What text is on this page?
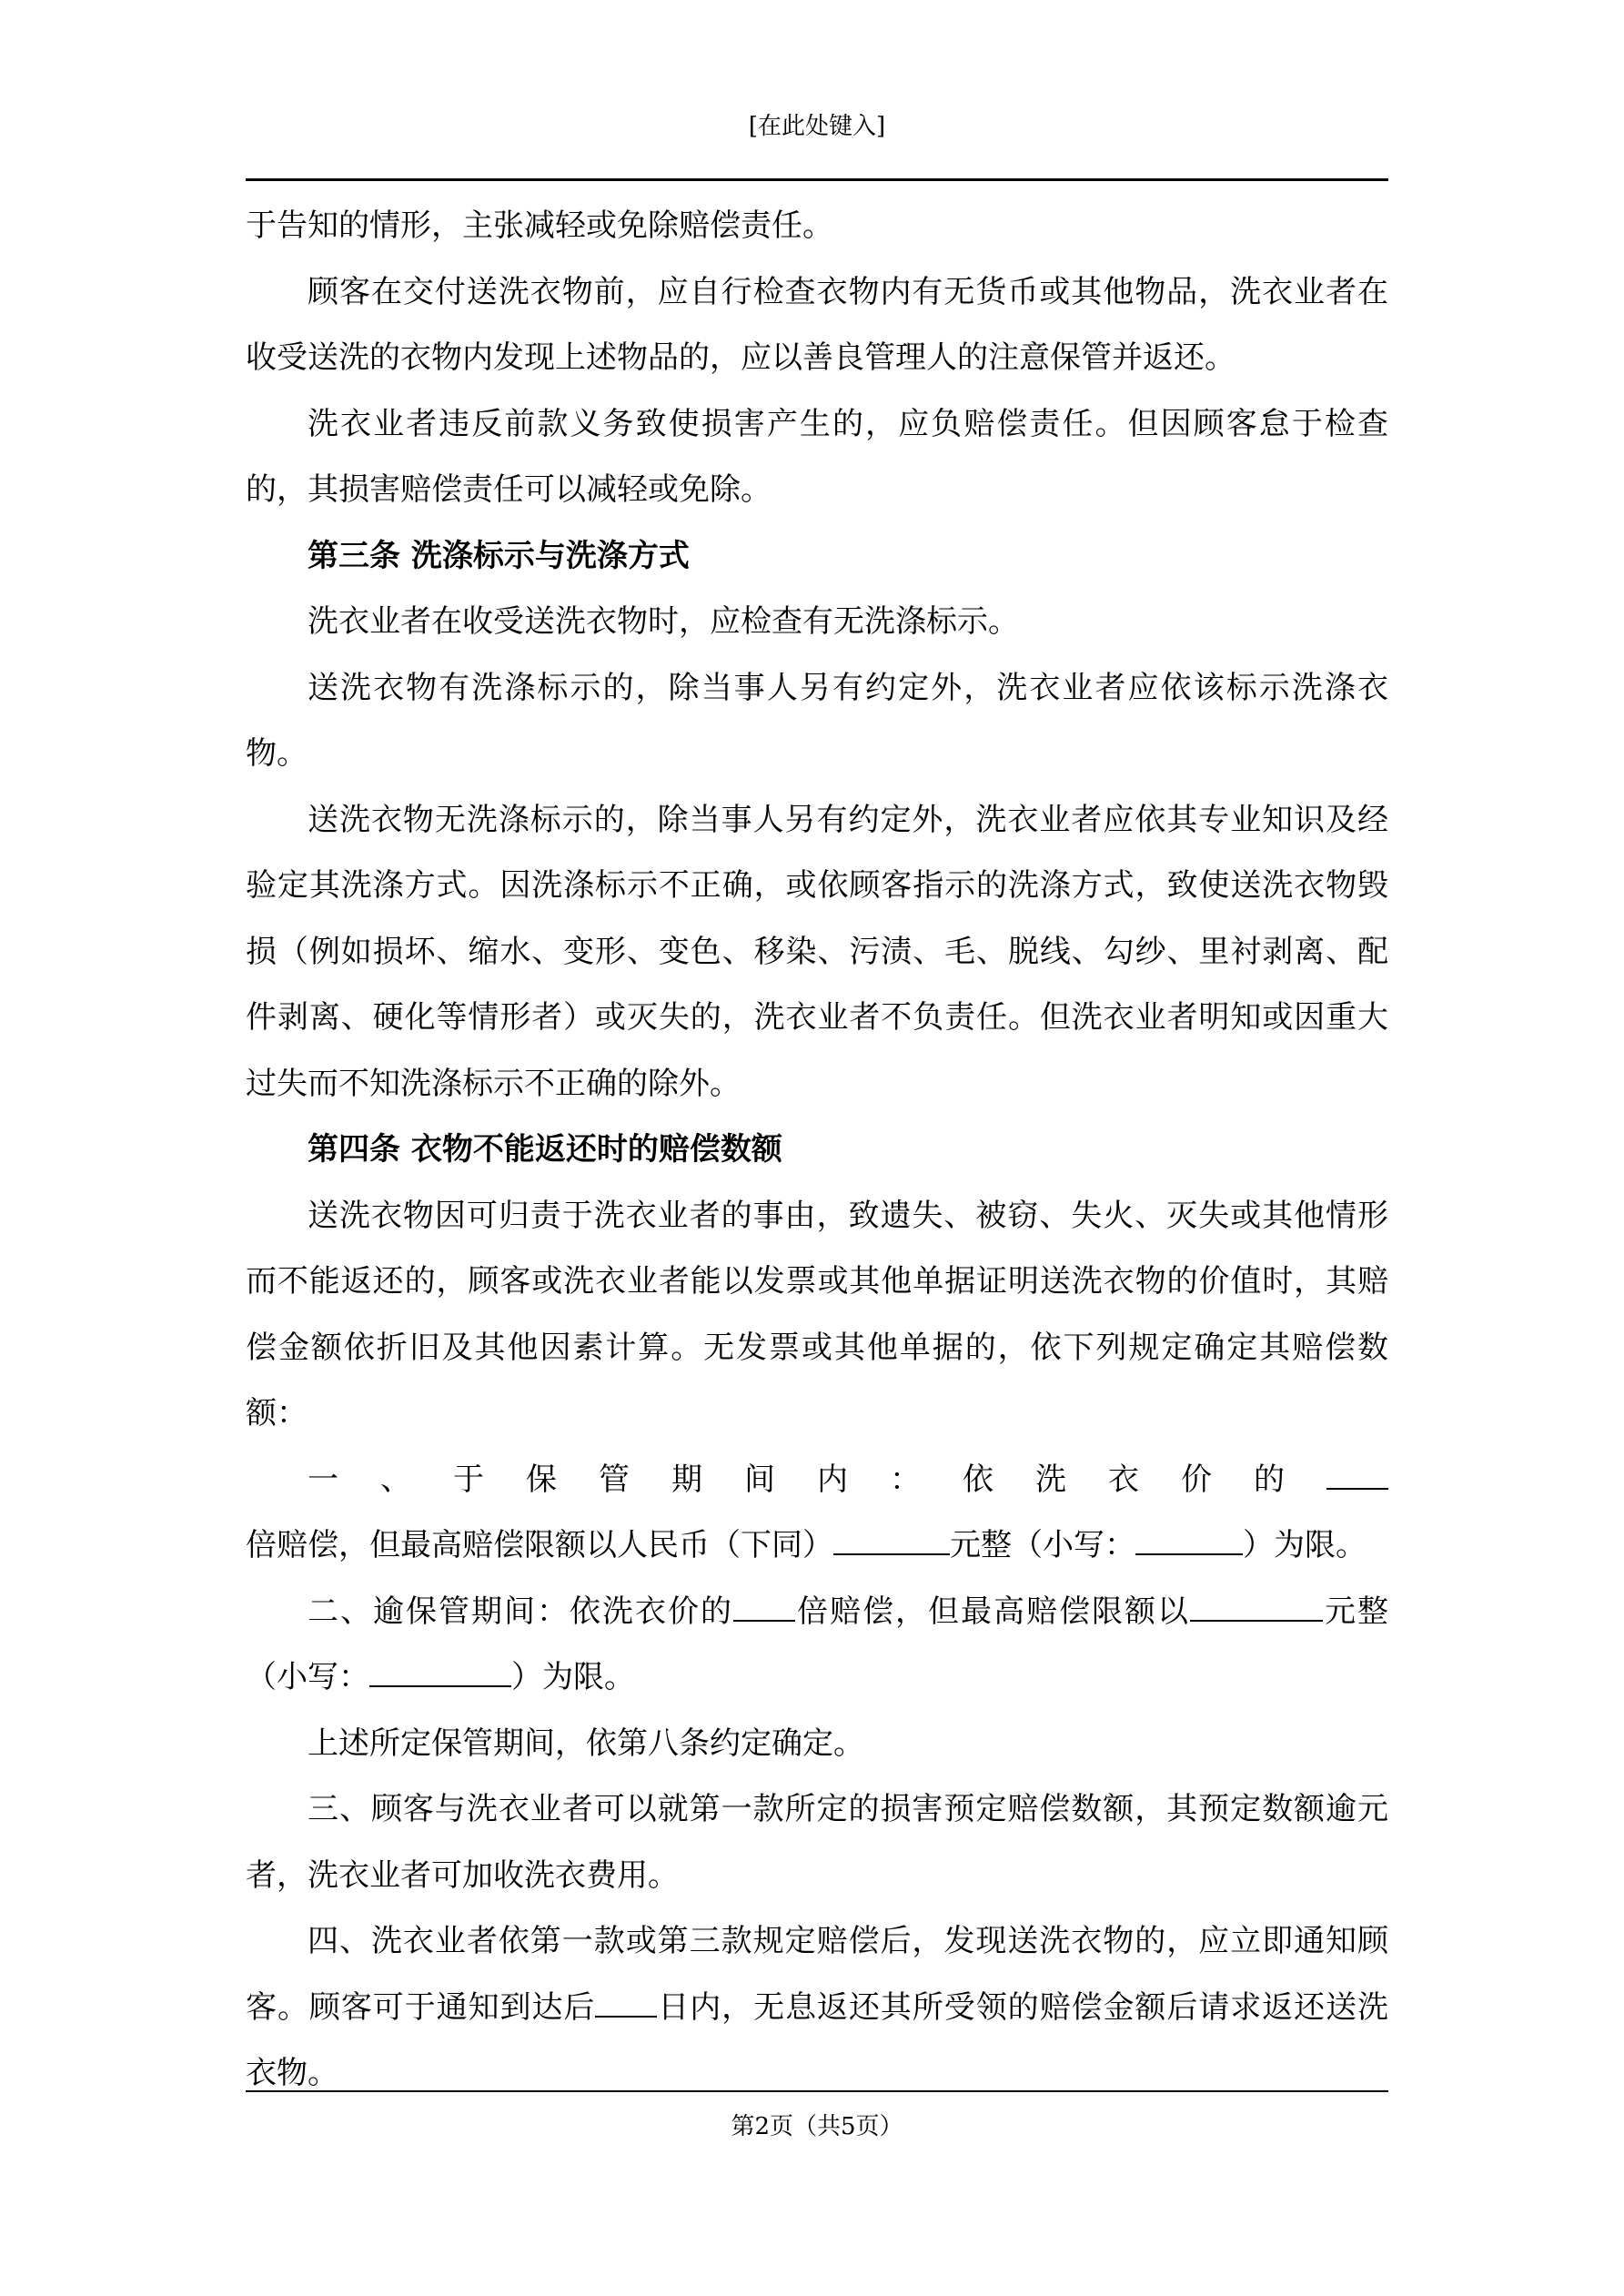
[在此处键入]

于告知的情形，主张减轻或免除赔偿责任。

顾客在交付送洗衣物前，应自行检查衣物内有无货币或其他物品，洗衣业者在收受送洗的衣物内发现上述物品的，应以善良管理人的注意保管并返还。

洗衣业者违反前款义务致使损害产生的，应负赔偿责任。但因顾客怠于检查的，其损害赔偿责任可以减轻或免除。

第三条 洗涤标示与洗涤方式

洗衣业者在收受送洗衣物时，应检查有无洗涤标示。

送洗衣物有洗涤标示的，除当事人另有约定外，洗衣业者应依该标示洗涤衣物。

送洗衣物无洗涤标示的，除当事人另有约定外，洗衣业者应依其专业知识及经验定其洗涤方式。因洗涤标示不正确，或依顾客指示的洗涤方式，致使送洗衣物毁损（例如损坏、缩水、变形、变色、移染、污渍、毛、脱线、勾纱、里衬剥离、配件剥离、硬化等情形者）或灭失的，洗衣业者不负责任。但洗衣业者明知或因重大过失而不知洗涤标示不正确的除外。

第四条 衣物不能返还时的赔偿数额

送洗衣物因可归责于洗衣业者的事由，致遗失、被窃、失火、灭失或其他情形而不能返还的，顾客或洗衣业者能以发票或其他单据证明送洗衣物的价值时，其赔偿金额依折旧及其他因素计算。无发票或其他单据的，依下列规定确定其赔偿数额：

一、于保管期间内：依洗衣价的倍赔偿，但最高赔偿限额以人民币（下同）	元整（小写：	）为限。

二、逾保管期间：依洗衣价的 倍赔偿，但最高赔偿限额以	元整（小写：	）为限。

上述所定保管期间，依第八条约定确定。

三、顾客与洗衣业者可以就第一款所定的损害预定赔偿数额，其预定数额逾元者，洗衣业者可加收洗衣费用。

四、洗衣业者依第一款或第三款规定赔偿后，发现送洗衣物的，应立即通知顾客。顾客可于通知到达后 日内，无息返还其所受领的赔偿金额后请求返还送洗衣物。

第2页（共5页）
